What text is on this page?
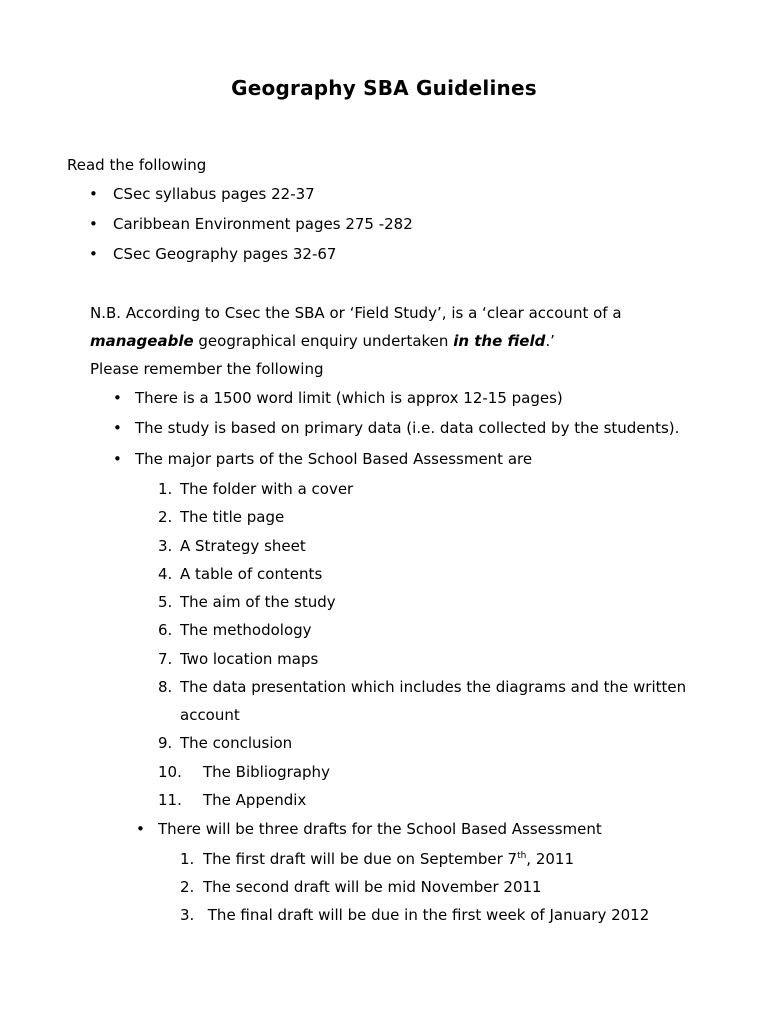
Geography SBA Guidelines
Read the following
• CSec syllabus pages 22-37
• Caribbean Environment pages 275 -282
• CSec Geography pages 32-67
N.B. According to Csec the SBA or ‘Field Study’, is a ‘clear account of a
manageable geographical enquiry undertaken in the field.’
Please remember the following
• There is a 1500 word limit (which is approx 12-15 pages)
• The study is based on primary data (i.e. data collected by the students).
• The major parts of the School Based Assessment are
1. The folder with a cover
2. The title page
3. A Strategy sheet
4. A table of contents
5. The aim of the study
6. The methodology
7. Two location maps
8. The data presentation which includes the diagrams and the written
account
9. The conclusion
10. The Bibliography
11. The Appendix
• There will be three drafts for the School Based Assessment
1. The first draft will be due on September 7th, 2011
2. The second draft will be mid November 2011
3. The final draft will be due in the first week of January 2012
